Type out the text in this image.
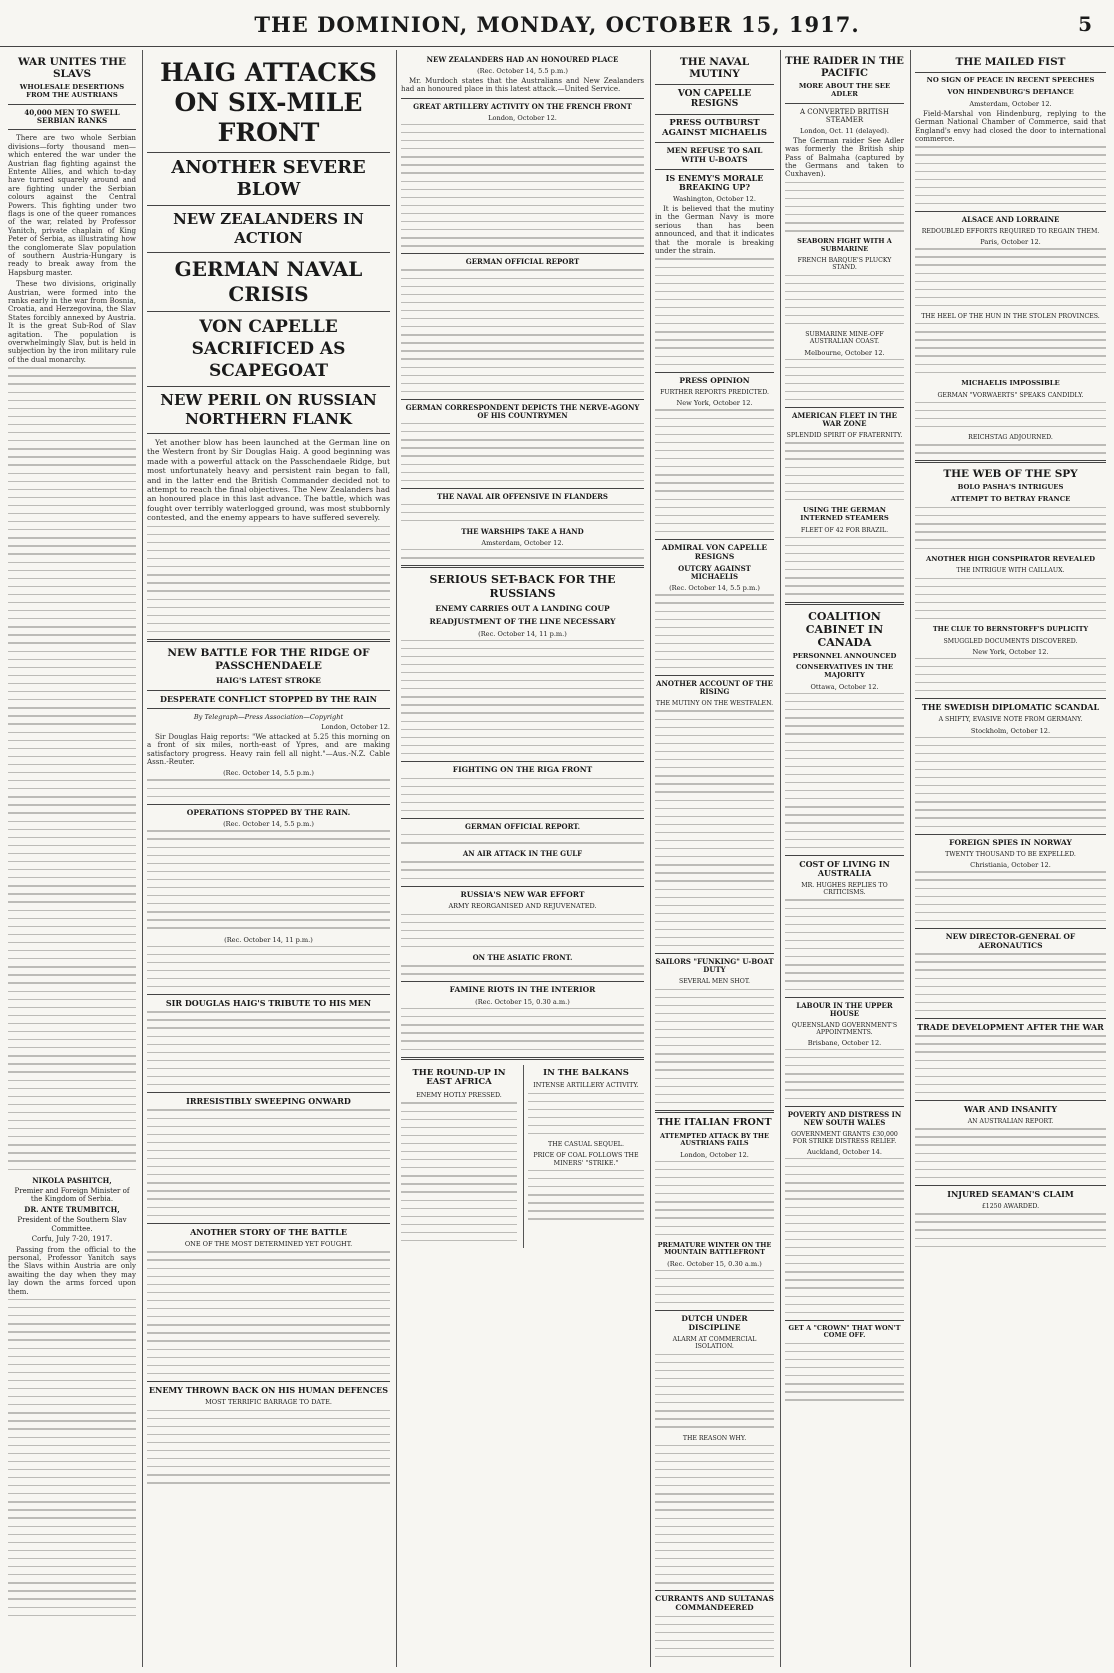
THE DOMINION, MONDAY, OCTOBER 15, 1917.	5
WAR UNITES THE SLAVS
WHOLESALE DESERTIONS FROM THE AUSTRIANS
40,000 MEN TO SWELL SERBIAN RANKS

There are two whole Serbian divisions—forty thousand men—which entered the war under the Austrian flag fighting against the Entente Allies, and which to-day have turned squarely around and are fighting under the Serbian colours against the Central Powers. This fighting under two flags is one of the queer romances of the war, related by Professor Yanitch, private chaplain of King Peter of Serbia, as illustrating how the conglomerate Slav population of southern Austria-Hungary is ready to break away from the Hapsburg master.

These two divisions, originally Austrian, were formed into the ranks early in the war from Bosnia, Croatia, and Herzegovina, the Slav States forcibly annexed by Austria. It is the great Sub-Rod of Slav agitation. The population is overwhelmingly Slav, but is held in subjection by the iron military rule of the dual monarchy.

NIKOLA PASHITCH,
Premier and Foreign Minister of the Kingdom of Serbia.
DR. ANTE TRUMBITCH,
President of the Southern Slav Committee.
Corfu, July 7-20, 1917.

Passing from the official to the personal, Professor Yanitch says the Slavs within Austria are only awaiting the day when they may lay down the arms forced upon them.

HAIG ATTACKS ON SIX-MILE FRONT
ANOTHER SEVERE BLOW
NEW ZEALANDERS IN ACTION
GERMAN NAVAL CRISIS
VON CAPELLE SACRIFICED AS SCAPEGOAT
NEW PERIL ON RUSSIAN NORTHERN FLANK

Yet another blow has been launched at the German line on the Western front by Sir Douglas Haig. A good beginning was made with a powerful attack on the Passchendaele Ridge, but most unfortunately heavy and persistent rain began to fall, and in the latter end the British Commander decided not to attempt to reach the final objectives. The New Zealanders had an honoured place in this last advance. The battle, which was fought over terribly waterlogged ground, was most stubbornly contested, and the enemy appears to have suffered severely.

NEW BATTLE FOR THE RIDGE OF PASSCHENDAELE
HAIG'S LATEST STROKE
DESPERATE CONFLICT STOPPED BY THE RAIN
By Telegraph—Press Association—Copyright
London, October 12.

Sir Douglas Haig reports: "We attacked at 5.25 this morning on a front of six miles, north-east of Ypres, and are making satisfactory progress. Heavy rain fell all night."—Aus.-N.Z. Cable Assn.-Reuter.

(Rec. October 14, 5.5 p.m.)
OPERATIONS STOPPED BY THE RAIN.
(Rec. October 14, 5.5 p.m.)
(Rec. October 14, 11 p.m.)
SIR DOUGLAS HAIG'S TRIBUTE TO HIS MEN
IRRESISTIBLY SWEEPING ONWARD
ANOTHER STORY OF THE BATTLE
ONE OF THE MOST DETERMINED YET FOUGHT.
ENEMY THROWN BACK ON HIS HUMAN DEFENCES
MOST TERRIFIC BARRAGE TO DATE.
NEW ZEALANDERS HAD AN HONOURED PLACE
(Rec. October 14, 5.5 p.m.)

Mr. Murdoch states that the Australians and New Zealanders had an honoured place in this latest attack.—United Service.

GREAT ARTILLERY ACTIVITY ON THE FRENCH FRONT
London, October 12.
GERMAN OFFICIAL REPORT
GERMAN CORRESPONDENT DEPICTS THE NERVE-AGONY OF HIS COUNTRYMEN
THE NAVAL AIR OFFENSIVE IN FLANDERS
THE WARSHIPS TAKE A HAND
Amsterdam, October 12.
SERIOUS SET-BACK FOR THE RUSSIANS
ENEMY CARRIES OUT A LANDING COUP
READJUSTMENT OF THE LINE NECESSARY
(Rec. October 14, 11 p.m.)
FIGHTING ON THE RIGA FRONT
GERMAN OFFICIAL REPORT.
AN AIR ATTACK IN THE GULF
RUSSIA'S NEW WAR EFFORT
ARMY REORGANISED AND REJUVENATED.
ON THE ASIATIC FRONT.
FAMINE RIOTS IN THE INTERIOR
(Rec. October 15, 0.30 a.m.)
THE ROUND-UP IN EAST AFRICA
ENEMY HOTLY PRESSED.
IN THE BALKANS
INTENSE ARTILLERY ACTIVITY.
THE CASUAL SEQUEL.
PRICE OF COAL FOLLOWS THE MINERS' "STRIKE."
THE NAVAL MUTINY
VON CAPELLE RESIGNS
PRESS OUTBURST AGAINST MICHAELIS
MEN REFUSE TO SAIL WITH U-BOATS
IS ENEMY'S MORALE BREAKING UP?
Washington, October 12.

It is believed that the mutiny in the German Navy is more serious than has been announced, and that it indicates that the morale is breaking under the strain.

PRESS OPINION
FURTHER REPORTS PREDICTED.
New York, October 12.
ADMIRAL VON CAPELLE RESIGNS
OUTCRY AGAINST MICHAELIS
(Rec. October 14, 5.5 p.m.)
ANOTHER ACCOUNT OF THE RISING
THE MUTINY ON THE WESTFALEN.
SAILORS "FUNKING" U-BOAT DUTY
SEVERAL MEN SHOT.
THE ITALIAN FRONT
ATTEMPTED ATTACK BY THE AUSTRIANS FAILS
London, October 12.
PREMATURE WINTER ON THE MOUNTAIN BATTLEFRONT
(Rec. October 15, 0.30 a.m.)
DUTCH UNDER DISCIPLINE
ALARM AT COMMERCIAL ISOLATION.
THE REASON WHY.
CURRANTS AND SULTANAS COMMANDEERED
THE RAIDER IN THE PACIFIC
MORE ABOUT THE SEE ADLER
A CONVERTED BRITISH STEAMER
London, Oct. 11 (delayed).

The German raider See Adler was formerly the British ship Pass of Balmaha (captured by the Germans and taken to Cuxhaven).

SEABORN FIGHT WITH A SUBMARINE
FRENCH BARQUE'S PLUCKY STAND.
SUBMARINE MINE-OFF AUSTRALIAN COAST.
Melbourne, October 12.
AMERICAN FLEET IN THE WAR ZONE
SPLENDID SPIRIT OF FRATERNITY.
USING THE GERMAN INTERNED STEAMERS
FLEET OF 42 FOR BRAZIL.
COALITION CABINET IN CANADA
PERSONNEL ANNOUNCED
CONSERVATIVES IN THE MAJORITY
Ottawa, October 12.
COST OF LIVING IN AUSTRALIA
MR. HUGHES REPLIES TO CRITICISMS.
LABOUR IN THE UPPER HOUSE
QUEENSLAND GOVERNMENT'S APPOINTMENTS.
Brisbane, October 12.
POVERTY AND DISTRESS IN NEW SOUTH WALES
GOVERNMENT GRANTS £30,000 FOR STRIKE DISTRESS RELIEF.
Auckland, October 14.
GET A "CROWN" THAT WON'T COME OFF.
THE MAILED FIST
NO SIGN OF PEACE IN RECENT SPEECHES
VON HINDENBURG'S DEFIANCE
Amsterdam, October 12.

Field-Marshal von Hindenburg, replying to the German National Chamber of Commerce, said that England's envy had closed the door to international commerce.

ALSACE AND LORRAINE
REDOUBLED EFFORTS REQUIRED TO REGAIN THEM.
Paris, October 12.
THE HEEL OF THE HUN IN THE STOLEN PROVINCES.
MICHAELIS IMPOSSIBLE
GERMAN "VORWAERTS" SPEAKS CANDIDLY.
REICHSTAG ADJOURNED.
THE WEB OF THE SPY
BOLO PASHA'S INTRIGUES
ATTEMPT TO BETRAY FRANCE
ANOTHER HIGH CONSPIRATOR REVEALED
THE INTRIGUE WITH CAILLAUX.
THE CLUE TO BERNSTORFF'S DUPLICITY
SMUGGLED DOCUMENTS DISCOVERED.
New York, October 12.
THE SWEDISH DIPLOMATIC SCANDAL
A SHIFTY, EVASIVE NOTE FROM GERMANY.
Stockholm, October 12.
FOREIGN SPIES IN NORWAY
TWENTY THOUSAND TO BE EXPELLED.
Christiania, October 12.
NEW DIRECTOR-GENERAL OF AERONAUTICS
TRADE DEVELOPMENT AFTER THE WAR
WAR AND INSANITY
AN AUSTRALIAN REPORT.
INJURED SEAMAN'S CLAIM
£1250 AWARDED.
